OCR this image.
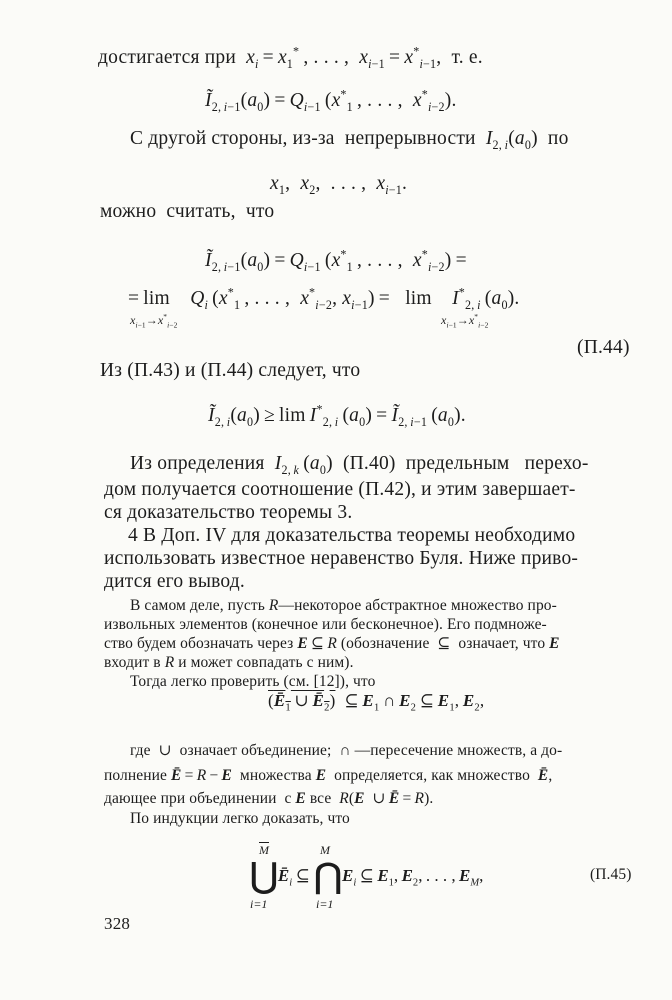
достигается при  $x_i = x_1^*$ , . . . ,  $x_{i-1} = x^*_{i-1}$,  т. е.
$Ĩ_{2, i-1}(a_0) = Q_{i-1}$ ($x^*_1$ , . . . ,  $x^*_{i-2}$).
С другой стороны, из-за  непрерывности  $I_{2, i}(a_0)$  по
$x_1$,  $x_2$,  . . . ,  $x_{i-1}$.
можно  считать,  что
$Ĩ_{2, i-1}(a_0) = Q_{i-1}$ ($x^*_1$ , . . . ,  $x^*_{i-2}$) =
= lim    $Q_i$ ($x^*_1$ , . . . ,  $x^*_{i-2}$, $x_{i-1}) = \lim$    $I^*_{2, i}$ $(a_0)$.
$x_{i-1}\to x^*_{i-2}$	$x_{i-1}\to x^*_{i-2}$
(П.44)
Из (П.43) и (П.44) следует, что
$Ĩ_{2, i}(a_0) \ge \lim I^*_{2, i}$ $(a_0)$ = $Ĩ_{2, i-1}$ $(a_0)$.
Из определения  $I_{2, k}$ $(a_0)$  (П.40)  предельным   перехо-
дом получается соотношение (П.42), и этим завершает-
ся доказательство теоремы 3.
4 В Доп. IV для доказательства теоремы необходимо
использовать известное неравенство Буля. Ниже приво-
дится его вывод.
В самом деле, пусть R—некоторое абстрактное множество про-
извольных элементов (конечное или бесконечное). Его подмноже-
ство будем обозначать через E ⊆ R (обозначение  ⊆  означает, что E
входит в R и может совпадать с ним).
Тогда легко проверить (см. [12]), что
($Ē_1$ ∪ $Ē_2$)  ⊆ $E_1$ ∩ $E_2$ ⊆ $E_1$, $E_2$,
где  ∪  означает объединение;  ∩ —пересечение множеств, а до-
полнение Ē = R − E  множества E  определяется, как множество  Ē,
дающее при объединении  с E все  R(E  ∪ Ē = R).
По индукции легко доказать, что
$⋃Ē_i$ ⊆ $⋂E_i$ ⊆ $E_1$, $E_2$, . . . , $E_M$,
$\overline{M}$	M
i=1	i=1
(П.45)
328
